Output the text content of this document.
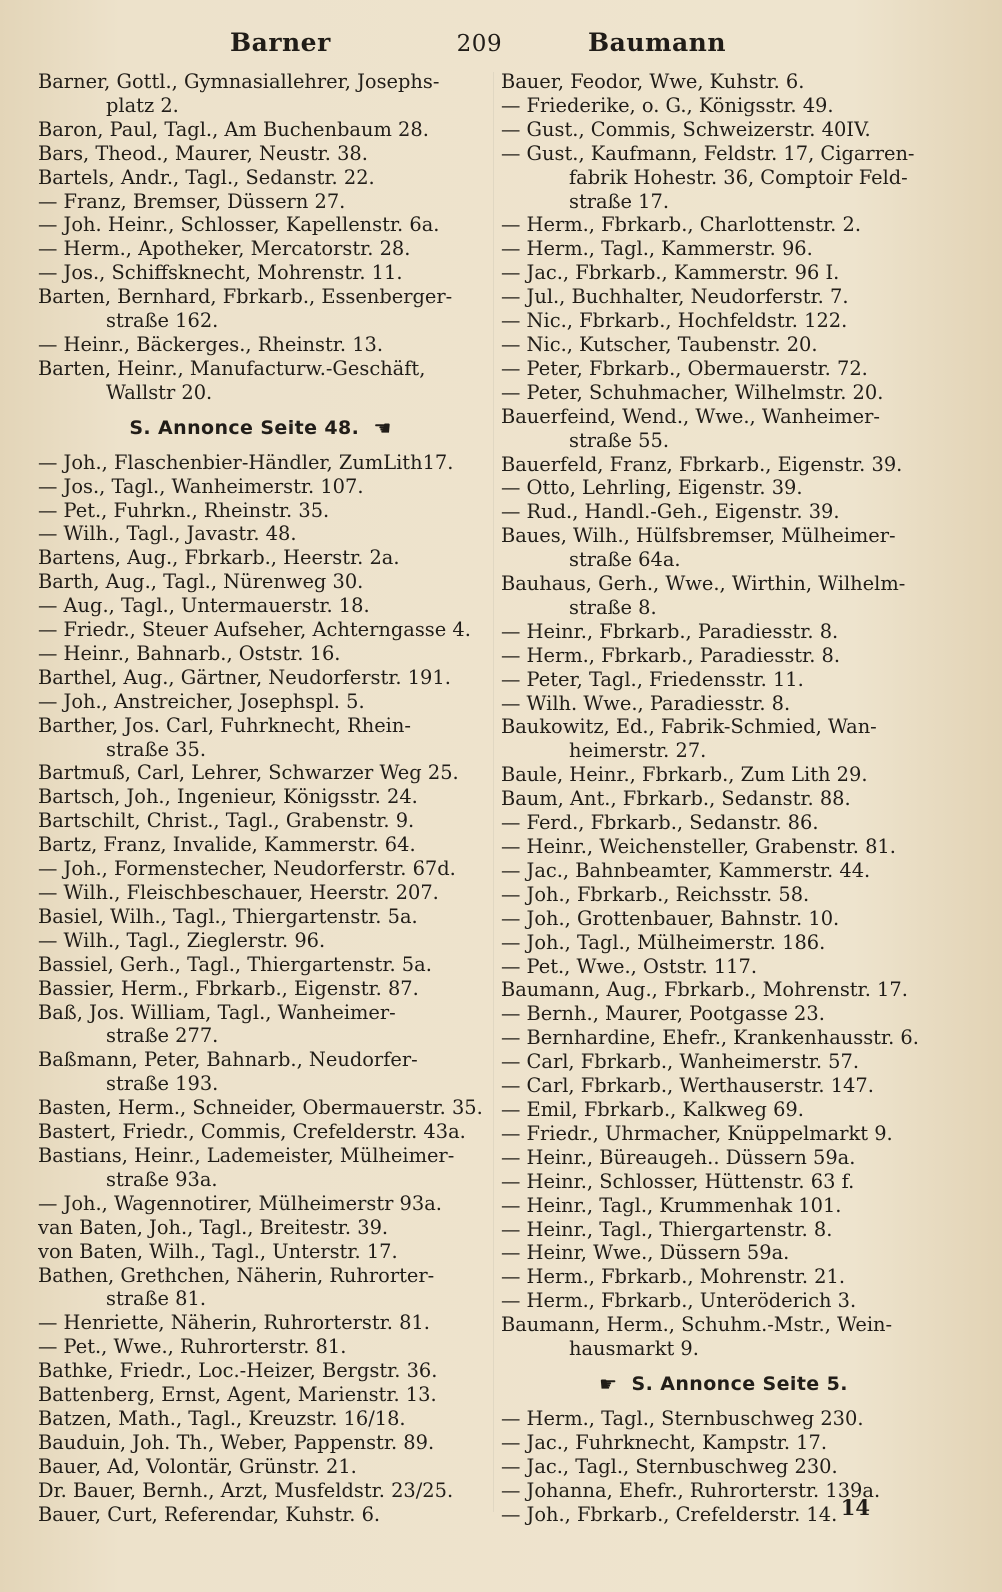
Barner	209	Baumann
Barner, Gottl., Gymnasiallehrer, Josephs-
platz 2.
Baron, Paul, Tagl., Am Buchenbaum 28.
Bars, Theod., Maurer, Neustr. 38.
Bartels, Andr., Tagl., Sedanstr. 22.
— Franz, Bremser, Düssern 27.
— Joh. Heinr., Schlosser, Kapellenstr. 6a.
— Herm., Apotheker, Mercatorstr. 28.
— Jos., Schiffsknecht, Mohrenstr. 11.
Barten, Bernhard, Fbrkarb., Essenberger-
straße 162.
— Heinr., Bäckerges., Rheinstr. 13.
Barten, Heinr., Manufacturw.-Geschäft,
Wallstr 20.
S. Annonce Seite 48. ☛
— Joh., Flaschenbier-Händler, ZumLith17.
— Jos., Tagl., Wanheimerstr. 107.
— Pet., Fuhrkn., Rheinstr. 35.
— Wilh., Tagl., Javastr. 48.
Bartens, Aug., Fbrkarb., Heerstr. 2a.
Barth, Aug., Tagl., Nürenweg 30.
— Aug., Tagl., Untermauerstr. 18.
— Friedr., Steuer Aufseher, Achterngasse 4.
— Heinr., Bahnarb., Oststr. 16.
Barthel, Aug., Gärtner, Neudorferstr. 191.
— Joh., Anstreicher, Josephspl. 5.
Barther, Jos. Carl, Fuhrknecht, Rhein-
straße 35.
Bartmuß, Carl, Lehrer, Schwarzer Weg 25.
Bartsch, Joh., Ingenieur, Königsstr. 24.
Bartschilt, Christ., Tagl., Grabenstr. 9.
Bartz, Franz, Invalide, Kammerstr. 64.
— Joh., Formenstecher, Neudorferstr. 67d.
— Wilh., Fleischbeschauer, Heerstr. 207.
Basiel, Wilh., Tagl., Thiergartenstr. 5a.
— Wilh., Tagl., Zieglerstr. 96.
Bassiel, Gerh., Tagl., Thiergartenstr. 5a.
Bassier, Herm., Fbrkarb., Eigenstr. 87.
Baß, Jos. William, Tagl., Wanheimer-
straße 277.
Baßmann, Peter, Bahnarb., Neudorfer-
straße 193.
Basten, Herm., Schneider, Obermauerstr. 35.
Bastert, Friedr., Commis, Crefelderstr. 43a.
Bastians, Heinr., Lademeister, Mülheimer-
straße 93a.
— Joh., Wagennotirer, Mülheimerstr 93a.
van Baten, Joh., Tagl., Breitestr. 39.
von Baten, Wilh., Tagl., Unterstr. 17.
Bathen, Grethchen, Näherin, Ruhrorter-
straße 81.
— Henriette, Näherin, Ruhrorterstr. 81.
— Pet., Wwe., Ruhrorterstr. 81.
Bathke, Friedr., Loc.-Heizer, Bergstr. 36.
Battenberg, Ernst, Agent, Marienstr. 13.
Batzen, Math., Tagl., Kreuzstr. 16/18.
Bauduin, Joh. Th., Weber, Pappenstr. 89.
Bauer, Ad, Volontär, Grünstr. 21.
Dr. Bauer, Bernh., Arzt, Musfeldstr. 23/25.
Bauer, Curt, Referendar, Kuhstr. 6.
Bauer, Feodor, Wwe, Kuhstr. 6.
— Friederike, o. G., Königsstr. 49.
— Gust., Commis, Schweizerstr. 40IV.
— Gust., Kaufmann, Feldstr. 17, Cigarren-
fabrik Hohestr. 36, Comptoir Feld-
straße 17.
— Herm., Fbrkarb., Charlottenstr. 2.
— Herm., Tagl., Kammerstr. 96.
— Jac., Fbrkarb., Kammerstr. 96 I.
— Jul., Buchhalter, Neudorferstr. 7.
— Nic., Fbrkarb., Hochfeldstr. 122.
— Nic., Kutscher, Taubenstr. 20.
— Peter, Fbrkarb., Obermauerstr. 72.
— Peter, Schuhmacher, Wilhelmstr. 20.
Bauerfeind, Wend., Wwe., Wanheimer-
straße 55.
Bauerfeld, Franz, Fbrkarb., Eigenstr. 39.
— Otto, Lehrling, Eigenstr. 39.
— Rud., Handl.-Geh., Eigenstr. 39.
Baues, Wilh., Hülfsbremser, Mülheimer-
straße 64a.
Bauhaus, Gerh., Wwe., Wirthin, Wilhelm-
straße 8.
— Heinr., Fbrkarb., Paradiesstr. 8.
— Herm., Fbrkarb., Paradiesstr. 8.
— Peter, Tagl., Friedensstr. 11.
— Wilh. Wwe., Paradiesstr. 8.
Baukowitz, Ed., Fabrik-Schmied, Wan-
heimerstr. 27.
Baule, Heinr., Fbrkarb., Zum Lith 29.
Baum, Ant., Fbrkarb., Sedanstr. 88.
— Ferd., Fbrkarb., Sedanstr. 86.
— Heinr., Weichensteller, Grabenstr. 81.
— Jac., Bahnbeamter, Kammerstr. 44.
— Joh., Fbrkarb., Reichsstr. 58.
— Joh., Grottenbauer, Bahnstr. 10.
— Joh., Tagl., Mülheimerstr. 186.
— Pet., Wwe., Oststr. 117.
Baumann, Aug., Fbrkarb., Mohrenstr. 17.
— Bernh., Maurer, Pootgasse 23.
— Bernhardine, Ehefr., Krankenhausstr. 6.
— Carl, Fbrkarb., Wanheimerstr. 57.
— Carl, Fbrkarb., Werthauserstr. 147.
— Emil, Fbrkarb., Kalkweg 69.
— Friedr., Uhrmacher, Knüppelmarkt 9.
— Heinr., Büreaugeh.. Düssern 59a.
— Heinr., Schlosser, Hüttenstr. 63 f.
— Heinr., Tagl., Krummenhak 101.
— Heinr., Tagl., Thiergartenstr. 8.
— Heinr, Wwe., Düssern 59a.
— Herm., Fbrkarb., Mohrenstr. 21.
— Herm., Fbrkarb., Unteröderich 3.
Baumann, Herm., Schuhm.-Mstr., Wein-
hausmarkt 9.
☛ S. Annonce Seite 5.
— Herm., Tagl., Sternbuschweg 230.
— Jac., Fuhrknecht, Kampstr. 17.
— Jac., Tagl., Sternbuschweg 230.
— Johanna, Ehefr., Ruhrorterstr. 139a.
— Joh., Fbrkarb., Crefelderstr. 14. 14
